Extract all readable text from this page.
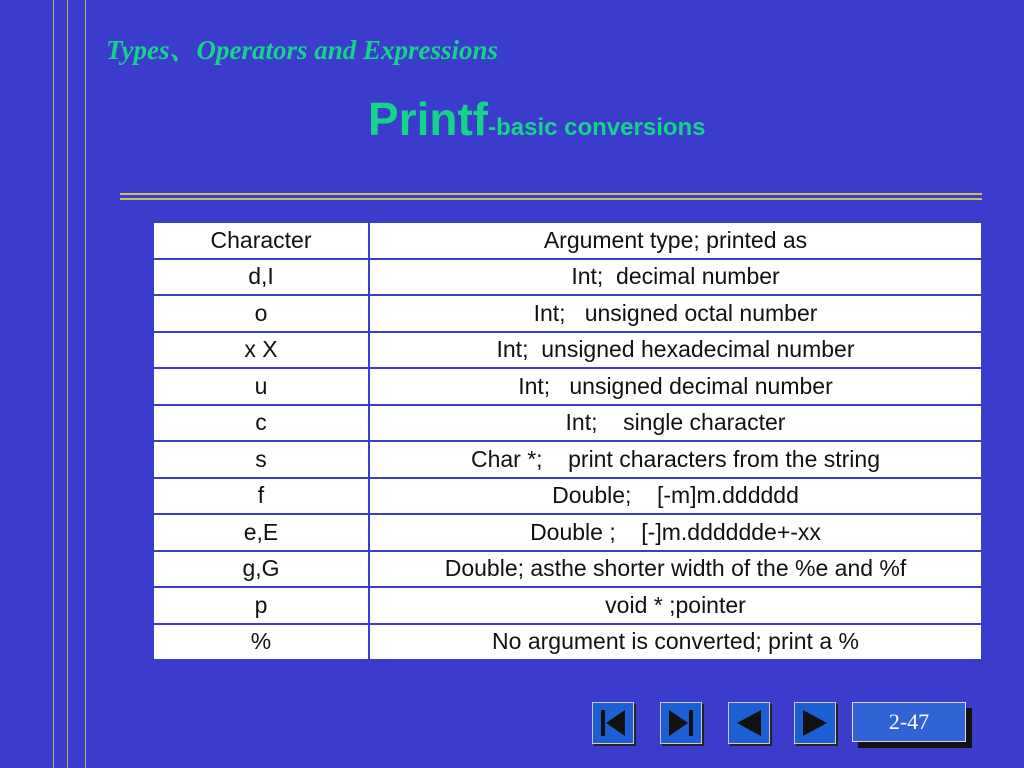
Types、Operators and Expressions
Printf-basic conversions
Character	Argument type; printed as
d,I	Int;  decimal number
o	Int;   unsigned octal number
x X	Int;  unsigned hexadecimal number
u	Int;   unsigned decimal number
c	Int;    single character
s	Char *;    print characters from the string
f	Double;    [-m]m.dddddd
e,E	Double ;    [-]m.dddddde+-xx
g,G	Double; asthe shorter width of the %e and %f
p	void * ;pointer
%	No argument is converted; print a %
2-47
